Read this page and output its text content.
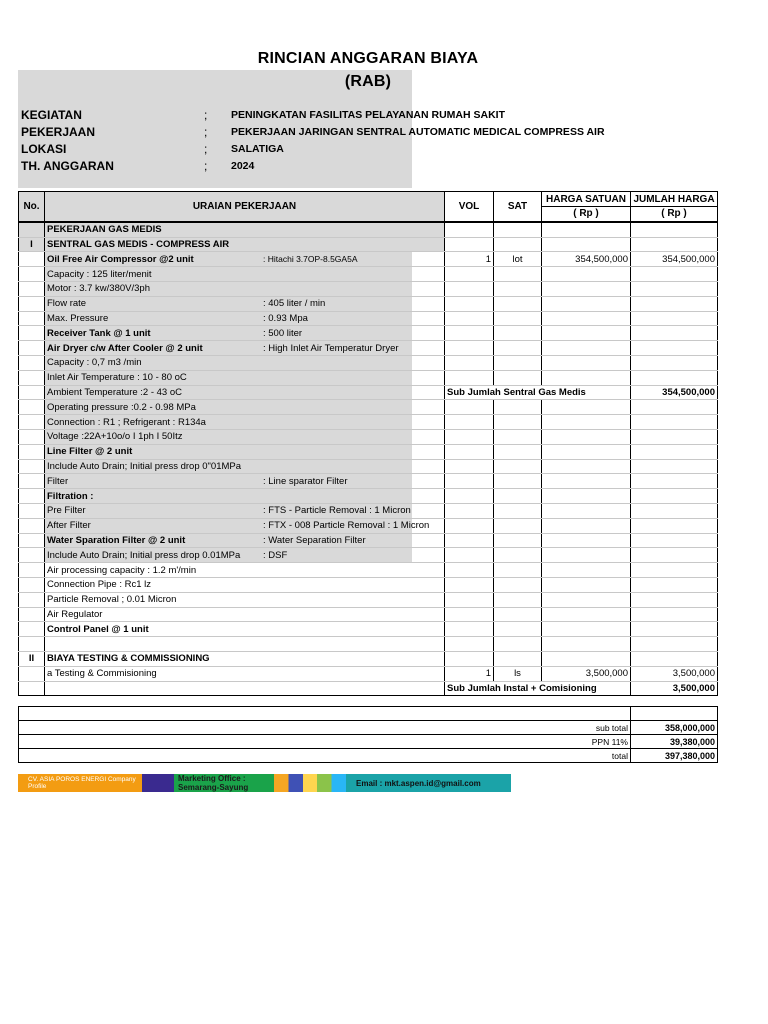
RINCIAN ANGGARAN BIAYA
(RAB)
KEGIATAN	; PENINGKATAN FASILITAS PELAYANAN RUMAH SAKIT
PEKERJAAN	; PEKERJAAN JARINGAN SENTRAL AUTOMATIC MEDICAL COMPRESS AIR
LOKASI	; SALATIGA
TH. ANGGARAN	; 2024
No.	URAIAN PEKERJAAN	VOL	SAT	HARGA SATUAN	JUMLAH HARGA
				( Rp )	( Rp )
	PEKERJAAN GAS MEDIS				
I	SENTRAL GAS MEDIS - COMPRESS AIR				
	Oil Free Air Compressor @2 unit : Hitachi 3.7OP-8.5GA5A	1	lot	354,500,000	354,500,000
	Capacity : 125 liter/menit				
	Motor : 3.7 kw/380V/3ph				
	Flow rate : 405 liter / min				
	Max. Pressure : 0.93 Mpa				
	Receiver Tank @ 1 unit : 500 liter				
	Air Dryer c/w After Cooler @ 2 unit : High Inlet Air Temperatur Dryer				
	Capacity : 0,7 m3 /min				
	Inlet Air Temperature : 10 - 80 oC				
	Ambient Temperature :2 - 43 oC	Sub Jumlah Sentral Gas Medis			354,500,000
	Operating pressure :0.2 - 0.98 MPa				
	Connection : R1 ; Refrigerant : R134a				
	Voltage :22A+10o/o I 1ph I 50Itz				
	Line Filter @ 2 unit				
	Include Auto Drain; Initial press drop 0"01MPa				
	Filter : Line sparator Filter				
	Filtration :				
	Pre Filter : FTS - Particle Removal : 1 Micron				
	After Filter : FTX - 008 Particle Removal : 1 Micron				
	Water Sparation Filter @ 2 unit : Water Separation Filter				
	Include Auto Drain; Initial press drop 0.01MPa : DSF				
	Air processing capacity : 1.2 m'/min				
	Connection Pipe : Rc1 lz				
	Particle Removal ; 0.01 Micron				
	Air Regulator				
	Control Panel @ 1 unit				

II	BIAYA TESTING & COMMISSIONING				
	a Testing & Commisioning	1	ls	3,500,000	3,500,000
		Sub Jumlah Instal + Comisioning			3,500,000

sub total					358,000,000
PPN 11%					39,380,000
total					397,380,000
CV. ASIA POROS ENERGI Company Profile
Marketing Office : Semarang-Sayung	Email : mkt.aspen.id@gmail.com
